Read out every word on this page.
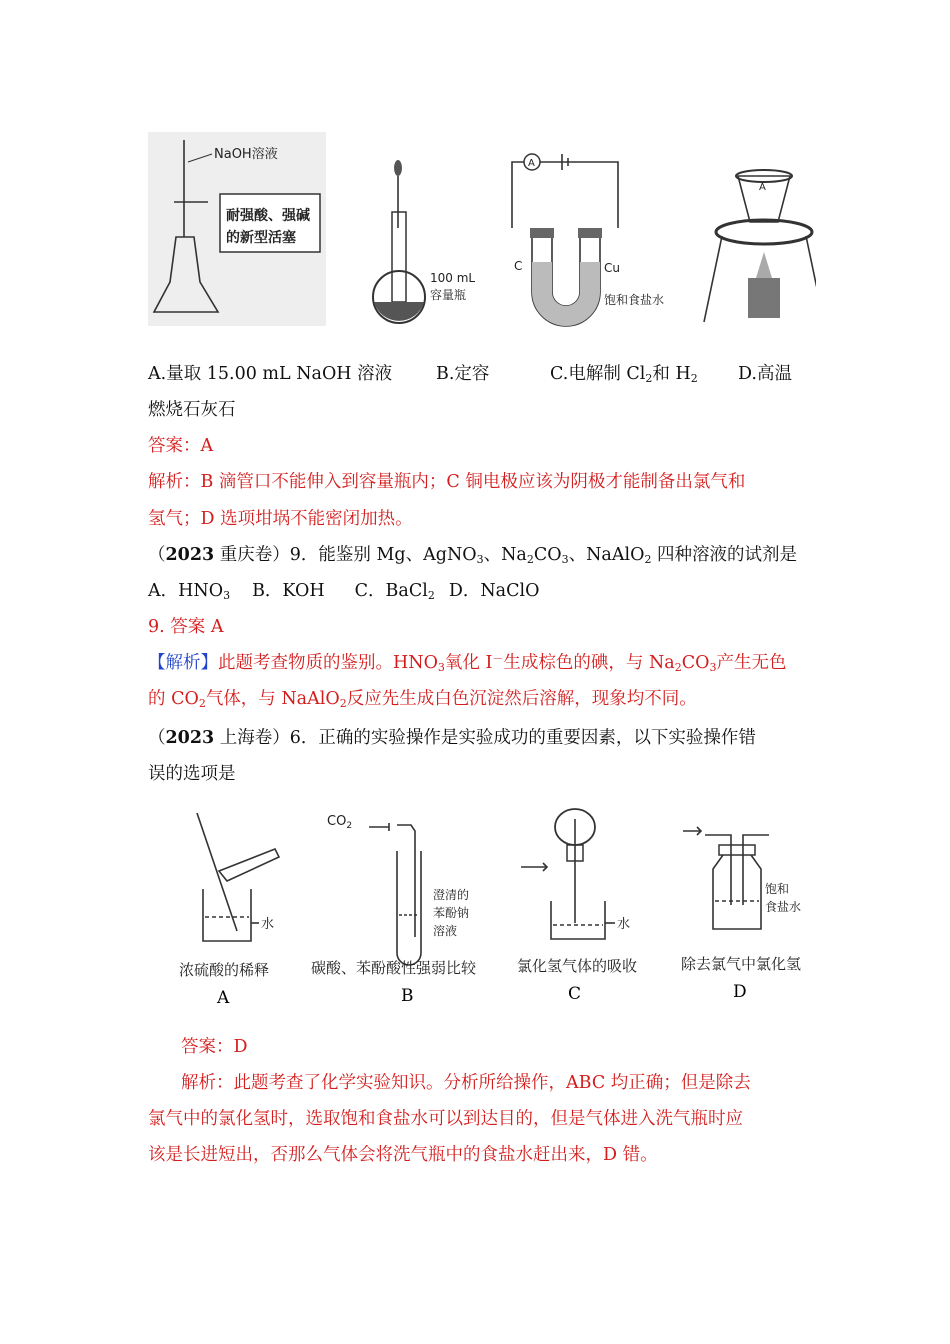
NaOH溶液
耐强酸、强碱
的新型活塞
100 mL
容量瓶
A
C	Cu
饱和食盐水
A
A.量取 15.00 mL NaOH 溶液	B.定容	C.电解制 $Cl_2$和 $H_2$ D.高温
燃烧石灰石
答案：A
解析：B 滴管口不能伸入到容量瓶内；C 铜电极应该为阴极才能制备出氯气和
氢气；D 选项坩埚不能密闭加热。
（2023 重庆卷）9．能鉴别 Mg、AgNO$_3$、$Na_2CO_3$、NaAlO$_2$ 四种溶液的试剂是
A．$HNO_3$ B．KOH C．BaCl$_2$ D．NaClO
9. 答案 A
【解析】此题考查物质的鉴别。$HNO_3$氧化 I－生成棕色的碘，与 $Na_2CO_3$产生无色
的 $CO_2$气体，与 NaAlO$_2$反应先生成白色沉淀然后溶解，现象均不同。
（2023 上海卷）6．正确的实验操作是实验成功的重要因素，以下实验操作错
误的选项是
水
浓硫酸的稀释
A
$CO_2$
澄清的
苯酚钠
溶液
碳酸、苯酚酸性强弱比较
B
水
氯化氢气体的吸收
C
饱和
食盐水
除去氯气中氯化氢
D
答案：D
解析：此题考查了化学实验知识。分析所给操作，ABC 均正确；但是除去
氯气中的氯化氢时，选取饱和食盐水可以到达目的，但是气体进入洗气瓶时应
该是长进短出，否那么气体会将洗气瓶中的食盐水赶出来，D 错。
